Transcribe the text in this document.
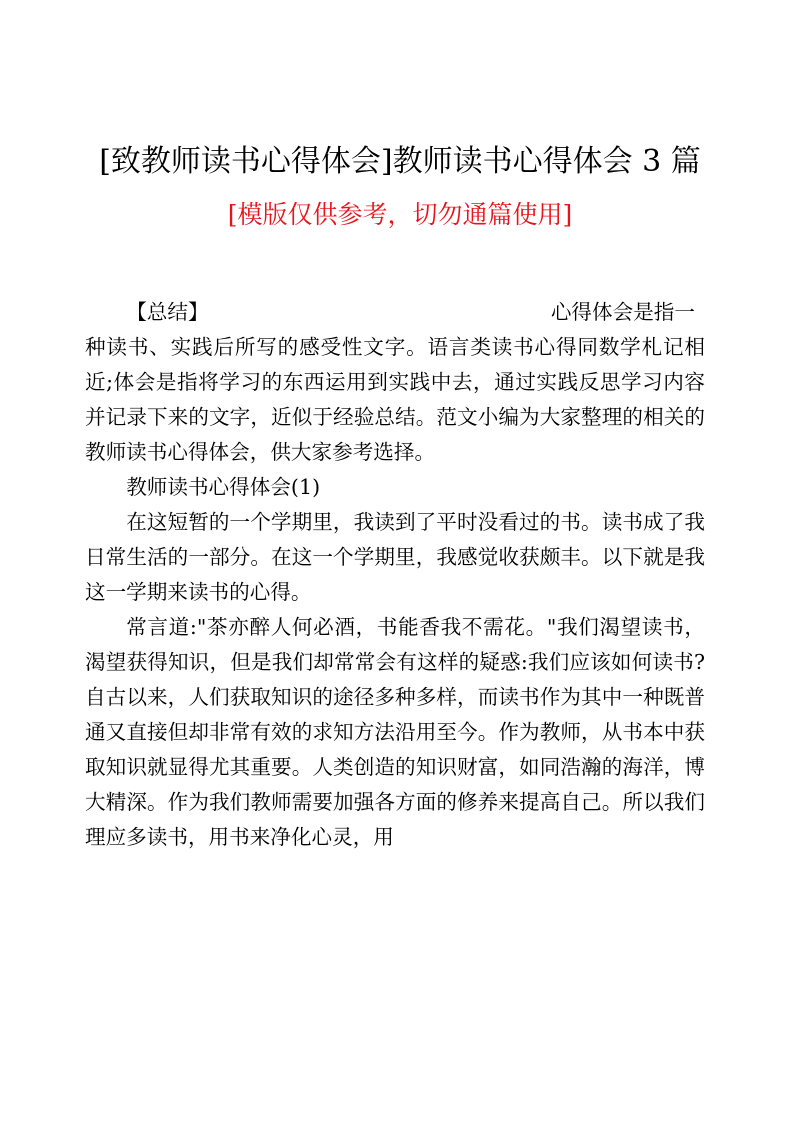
[致教师读书心得体会]教师读书心得体会 3 篇
[模版仅供参考，切勿通篇使用]
【总结】	心得体会是指一

种读书、实践后所写的感受性文字。语言类读书心得同数学札记相近;体会是指将学习的东西运用到实践中去，通过实践反思学习内容并记录下来的文字，近似于经验总结。范文小编为大家整理的相关的教师读书心得体会，供大家参考选择。

教师读书心得体会(1)

在这短暂的一个学期里，我读到了平时没看过的书。读书成了我日常生活的一部分。在这一个学期里，我感觉收获颇丰。以下就是我这一学期来读书的心得。

常言道:"茶亦醉人何必酒，书能香我不需花。"我们渴望读书，渴望获得知识，但是我们却常常会有这样的疑惑:我们应该如何读书?自古以来，人们获取知识的途径多种多样，而读书作为其中一种既普通又直接但却非常有效的求知方法沿用至今。作为教师，从书本中获取知识就显得尤其重要。人类创造的知识财富，如同浩瀚的海洋，博大精深。作为我们教师需要加强各方面的修养来提高自己。所以我们理应多读书，用书来净化心灵，用
